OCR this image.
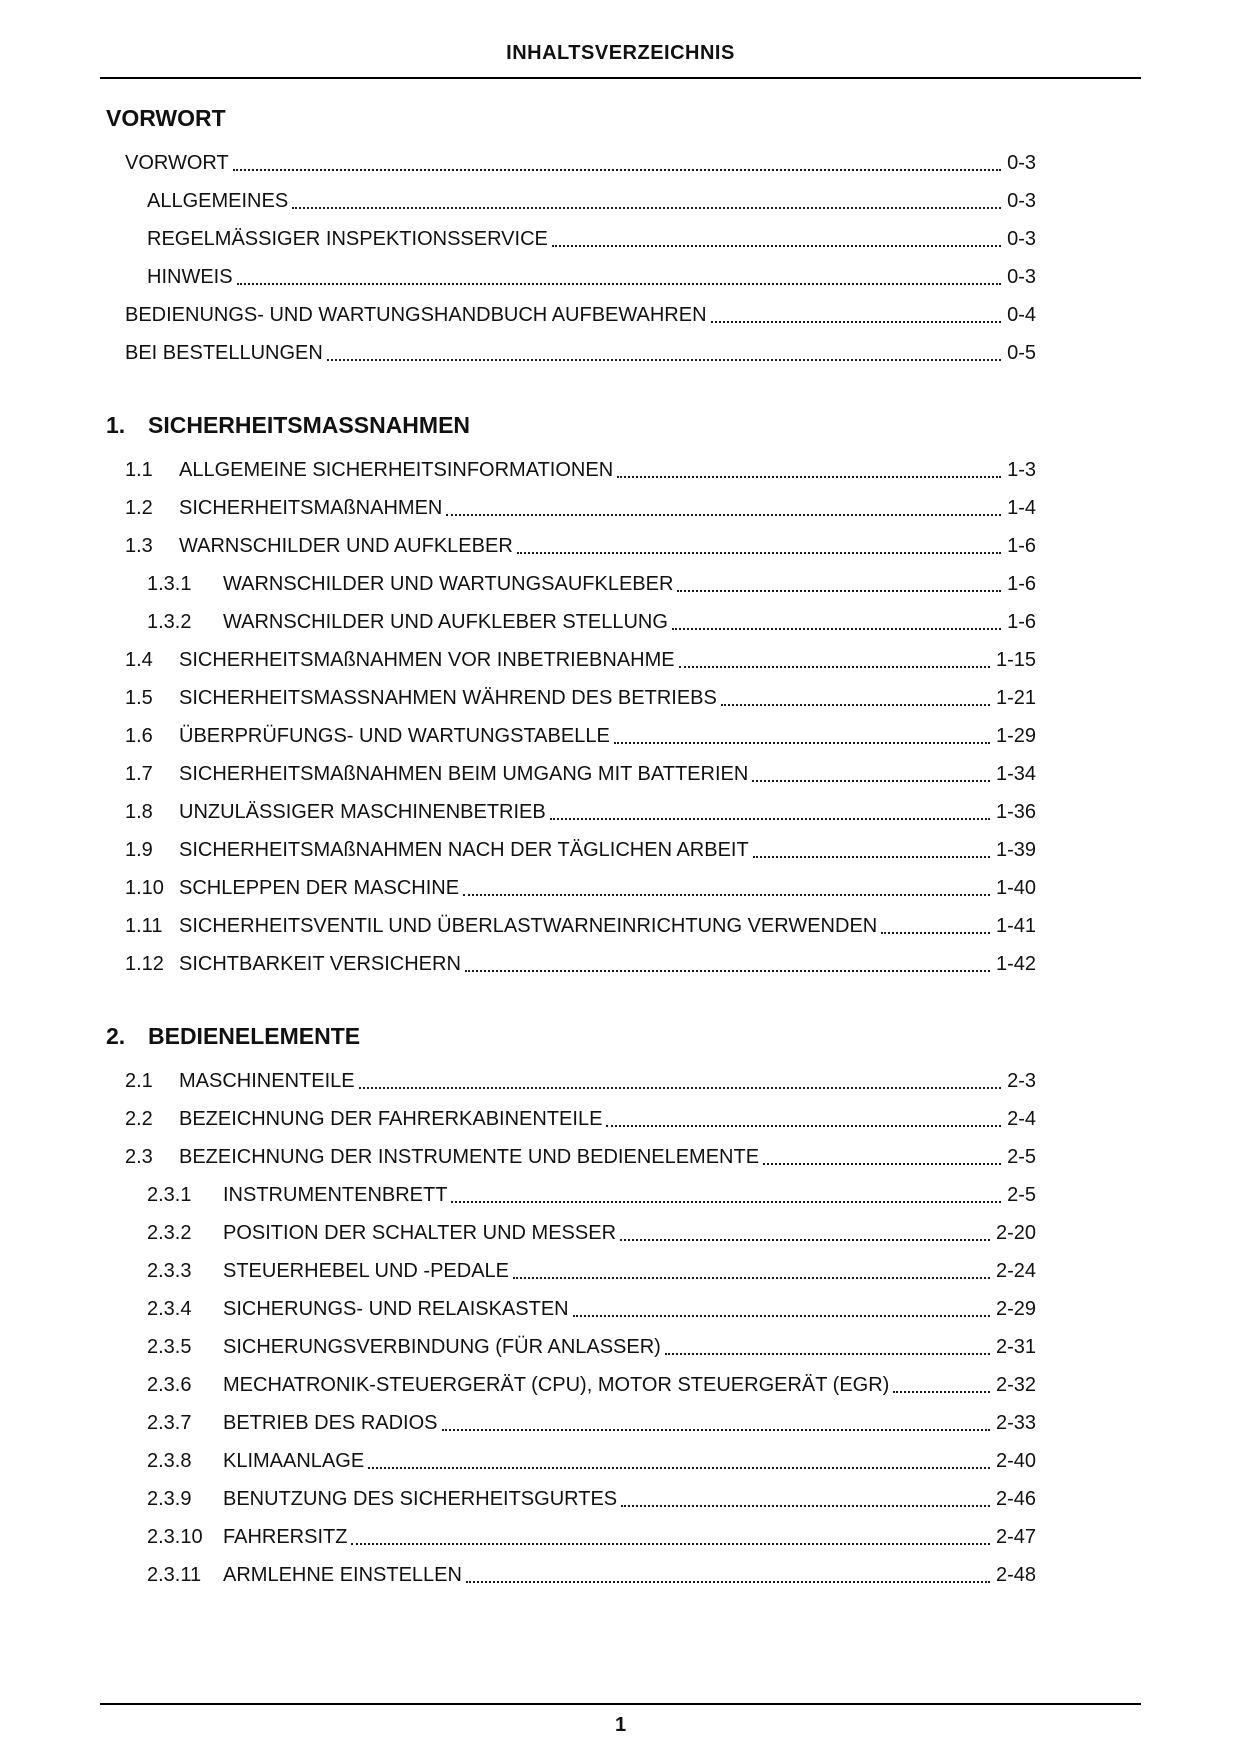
INHALTSVERZEICHNIS
VORWORT
VORWORT	0-3
ALLGEMEINES	0-3
REGELMÄSSIGER INSPEKTIONSSERVICE	0-3
HINWEIS	0-3
BEDIENUNGS- UND WARTUNGSHANDBUCH AUFBEWAHREN	0-4
BEI BESTELLUNGEN	0-5
1. SICHERHEITSMASSNAHMEN
1.1	ALLGEMEINE SICHERHEITSINFORMATIONEN	1-3
1.2	SICHERHEITSMAßNAHMEN	1-4
1.3	WARNSCHILDER UND AUFKLEBER	1-6
1.3.1	WARNSCHILDER UND WARTUNGSAUFKLEBER	1-6
1.3.2	WARNSCHILDER UND AUFKLEBER STELLUNG	1-6
1.4	SICHERHEITSMAßNAHMEN VOR INBETRIEBNAHME	1-15
1.5	SICHERHEITSMASSNAHMEN WÄHREND DES BETRIEBS	1-21
1.6	ÜBERPRÜFUNGS- UND WARTUNGSTABELLE	1-29
1.7	SICHERHEITSMAßNAHMEN BEIM UMGANG MIT BATTERIEN	1-34
1.8	UNZULÄSSIGER MASCHINENBETRIEB	1-36
1.9	SICHERHEITSMAßNAHMEN NACH DER TÄGLICHEN ARBEIT	1-39
1.10 SCHLEPPEN DER MASCHINE	1-40
1.11 SICHERHEITSVENTIL UND ÜBERLASTWARNEINRICHTUNG VERWENDEN	1-41
1.12 SICHTBARKEIT VERSICHERN	1-42
2. BEDIENELEMENTE
2.1	MASCHINENTEILE	2-3
2.2	BEZEICHNUNG DER FAHRERKABINENTEILE	2-4
2.3	BEZEICHNUNG DER INSTRUMENTE UND BEDIENELEMENTE	2-5
2.3.1	INSTRUMENTENBRETT	2-5
2.3.2	POSITION DER SCHALTER UND MESSER	2-20
2.3.3	STEUERHEBEL UND -PEDALE	2-24
2.3.4	SICHERUNGS- UND RELAISKASTEN	2-29
2.3.5	SICHERUNGSVERBINDUNG (FÜR ANLASSER)	2-31
2.3.6	MECHATRONIK-STEUERGERÄT (CPU), MOTOR STEUERGERÄT (EGR)	2-32
2.3.7	BETRIEB DES RADIOS	2-33
2.3.8	KLIMAANLAGE	2-40
2.3.9	BENUTZUNG DES SICHERHEITSGURTES	2-46
2.3.10	FAHRERSITZ	2-47
2.3.11	ARMLEHNE EINSTELLEN	2-48
1
